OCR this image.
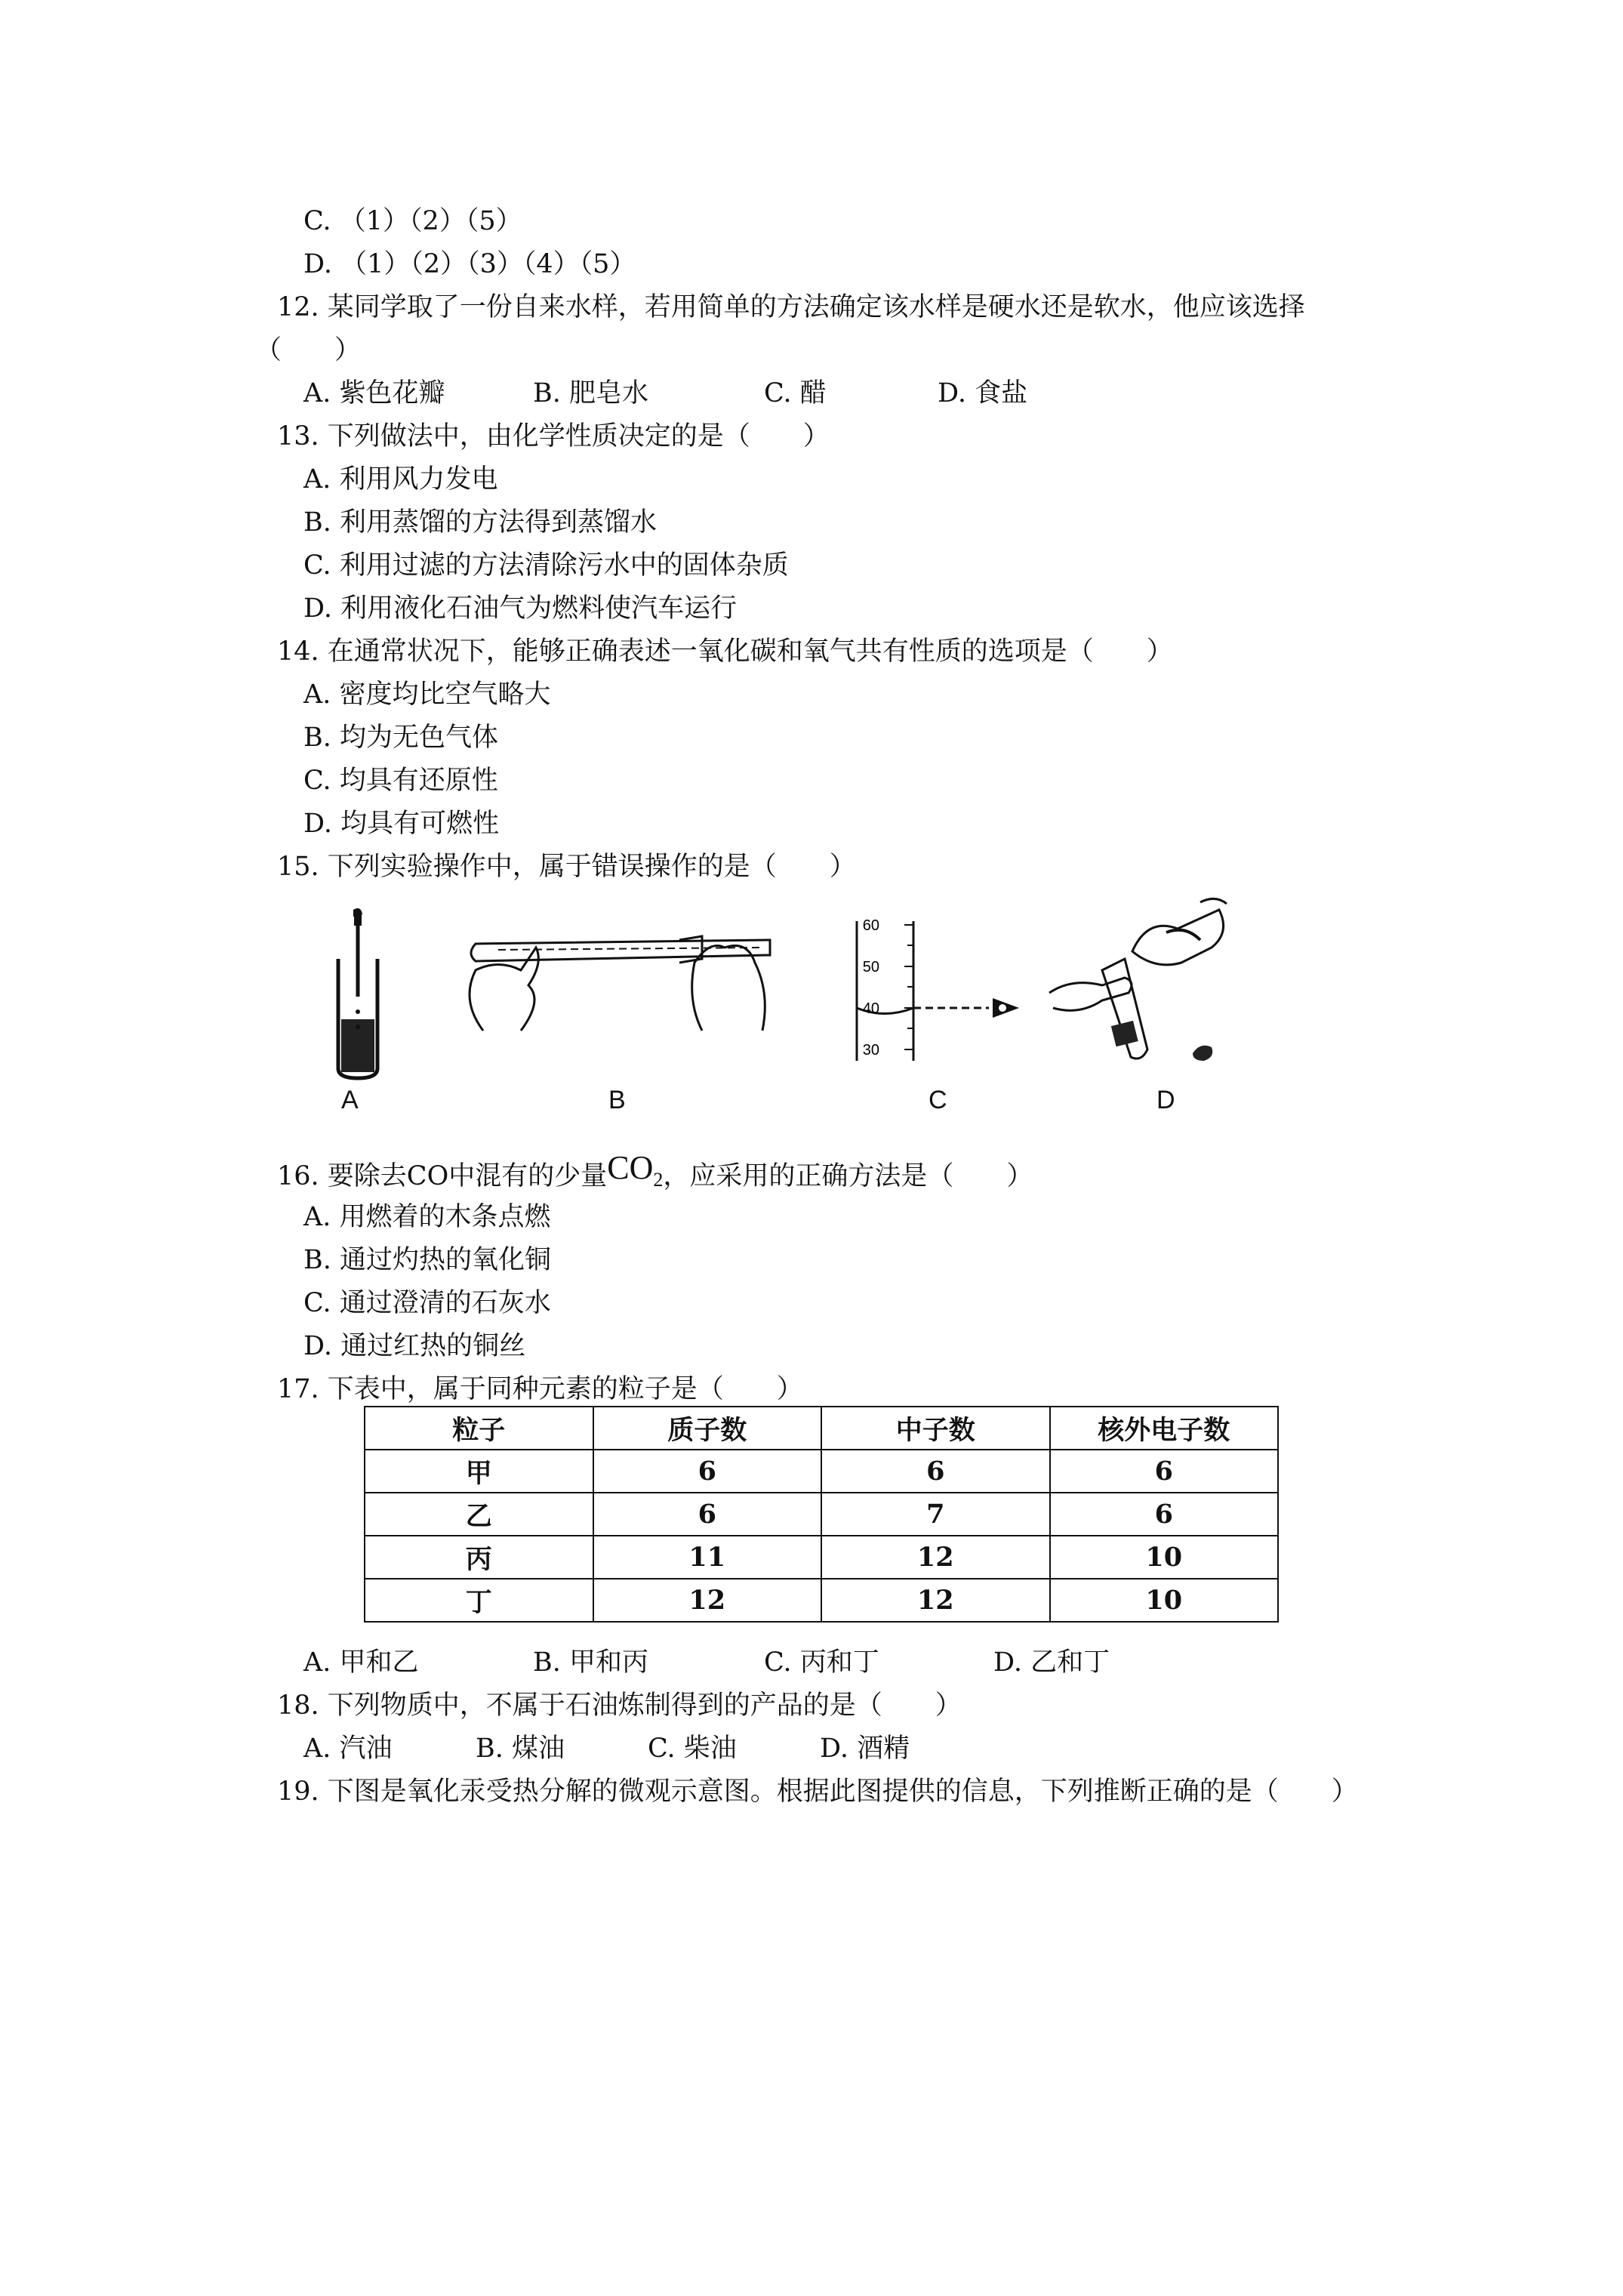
C. （1）（2）（5）
D. （1）（2）（3）（4）（5）
12. 某同学取了一份自来水样，若用简单的方法确定该水样是硬水还是软水，他应该选择
（　　）
A. 紫色花瓣	B. 肥皂水	C. 醋	D. 食盐
13. 下列做法中，由化学性质决定的是（　　）
A. 利用风力发电
B. 利用蒸馏的方法得到蒸馏水
C. 利用过滤的方法清除污水中的固体杂质
D. 利用液化石油气为燃料使汽车运行
14. 在通常状况下，能够正确表述一氧化碳和氧气共有性质的选项是（　　）
A. 密度均比空气略大
B. 均为无色气体
C. 均具有还原性
D. 均具有可燃性
15. 下列实验操作中，属于错误操作的是（　　）
60
50
40
30
A	B	C	D
16. 要除去CO中混有的少量$CO_2$，应采用的正确方法是（　　）
A. 用燃着的木条点燃
B. 通过灼热的氧化铜
C. 通过澄清的石灰水
D. 通过红热的铜丝
17. 下表中，属于同种元素的粒子是（　　）
粒子	质子数	中子数	核外电子数
甲	6	6	6
乙	6	7	6
丙	11	12	10
丁	12	12	10
A. 甲和乙	B. 甲和丙	C. 丙和丁	D. 乙和丁
18. 下列物质中，不属于石油炼制得到的产品的是（　　）
A. 汽油	B. 煤油	C. 柴油	D. 酒精
19. 下图是氧化汞受热分解的微观示意图。根据此图提供的信息，下列推断正确的是（　　）
